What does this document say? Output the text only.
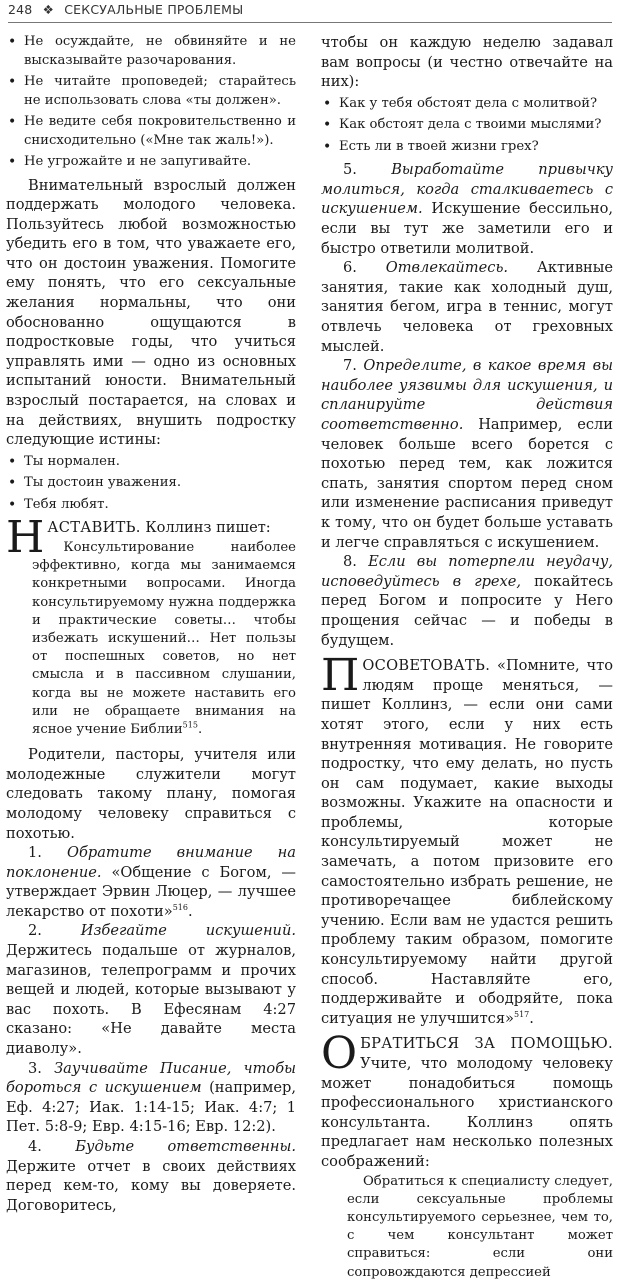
248 ❖ СЕКСУАЛЬНЫЕ ПРОБЛЕМЫ
• Не осуждайте, не обвиняйте и не высказывайте разочарования.
• Не читайте проповедей; старайтесь не использовать слова «ты должен».
• Не ведите себя покровительственно и снисходительно («Мне так жаль!»).
• Не угрожайте и не запугивайте.

Внимательный взрослый должен поддержать молодого человека. Пользуйтесь любой возможностью убедить его в том, что уважаете его, что он достоин уважения. Помогите ему понять, что его сексуальные желания нормальны, что они обоснованно ощущаются в подростковые годы, что учиться управлять ими — одно из основных испытаний юности. Внимательный взрослый постарается, на словах и на действиях, внушить подростку следующие истины:

• Ты нормален.
• Ты достоин уважения.
• Тебя любят.

НАСТАВИТЬ. Коллинз пишет:

Консультирование наиболее эффективно, когда мы занимаемся конкретными вопросами. Иногда консультируемому нужна поддержка и практические советы… чтобы избежать искушений… Нет пользы от поспешных советов, но нет смысла и в пассивном слушании, когда вы не можете наставить его или не обращаете внимания на ясное учение Библии$^{515}$.

Родители, пасторы, учителя или молодежные служители могут следовать такому плану, помогая молодому человеку справиться с похотью.

1. Обратите внимание на поклонение. «Общение с Богом, — утверждает Эрвин Люцер, — лучшее лекарство от похоти»$^{516}$.

2.	Избегайте искушений. Держитесь подальше от журналов, магазинов, телепрограмм и прочих вещей и людей, которые вызывают у вас похоть. В Ефесянам 4:27 сказано: «Не давайте места диаволу».

3. Заучивайте Писание, чтобы бороться с искушением (например, Еф. 4:27; Иак. 1:14-15; Иак. 4:7; 1 Пет. 5:8-9; Евр. 4:15-16; Евр. 12:2).

4. Будьте ответственны. Держите отчет в своих действиях перед кем-то, кому вы доверяете. Договоритесь,

чтобы он каждую неделю задавал вам вопросы (и честно отвечайте на них):

• Как у тебя обстоят дела с молитвой?
• Как обстоят дела с твоими мыслями?
• Есть ли в твоей жизни грех?

5. Выработайте привычку молиться, когда сталкиваетесь с искушением. Искушение бессильно, если вы тут же заметили его и быстро ответили молитвой.

6. Отвлекайтесь. Активные занятия, такие как холодный душ, занятия бегом, игра в теннис, могут отвлечь человека от греховных мыслей.

7. Определите, в какое время вы наиболее уязвимы для искушения, и спланируйте действия соответственно. Например, если человек больше всего борется с похотью перед тем, как ложится спать, занятия спортом перед сном или изменение расписания приведут к тому, что он будет больше уставать и легче справляться с искушением.

8. Если вы потерпели неудачу, исповедуйтесь в грехе, покайтесь перед Богом и попросите у Него прощения сейчас — и победы в будущем.

ПОСОВЕТОВАТЬ. «Помните, что людям проще меняться, — пишет Коллинз, — если они сами хотят этого, если у них есть внутренняя мотивация. Не говорите подростку, что ему делать, но пусть он сам подумает, какие выходы возможны. Укажите на опасности и проблемы, которые консультируемый может не замечать, а потом призовите его самостоятельно избрать решение, не противоречащее библейскому учению. Если вам не удастся решить проблему таким образом, помогите консультируемому найти другой способ. Наставляйте его, поддерживайте и ободряйте, пока ситуация не улучшится»$^{517}$.

ОБРАТИТЬСЯ ЗА ПОМОЩЬЮ. Учите, что молодому человеку может понадобиться помощь профессионального христианского консультанта. Коллинз опять предлагает нам несколько полезных соображений:

Обратиться к специалисту следует, если сексуальные проблемы консультируемого серьезнее, чем то, с чем консультант может справиться: если они сопровождаются депрессией
